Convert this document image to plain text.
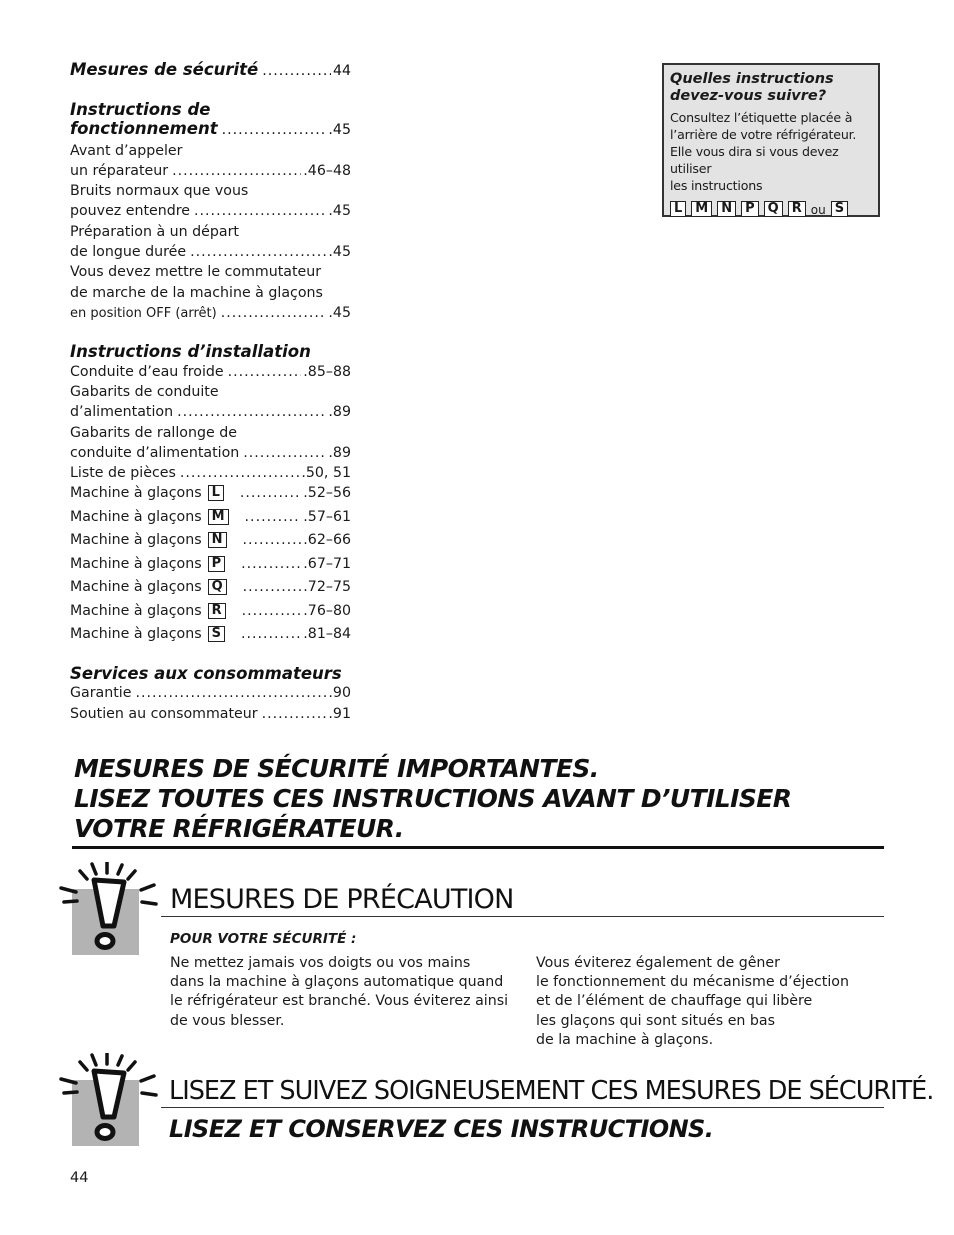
Mesures de sécurité .....	44
Instructions de
fonctionnement .....	.45
Avant d’appeler
un réparateur .....	.46–48
Bruits normaux que vous
pouvez entendre .....	.45
Préparation à un départ
de longue durée .....	.45
Vous devez mettre le commutateur
de marche de la machine à glaçons
en position OFF (arrêt) .....	.45
Instructions d’installation
Conduite d’eau froide .....	.85–88
Gabarits de conduite
d’alimentation .....	.89
Gabarits de rallonge de
conduite d’alimentation .....	.89
Liste de pièces .....	.50, 51
Machine à glaçons L .....	.52–56
Machine à glaçons M .....	.57–61
Machine à glaçons N .....	.62–66
Machine à glaçons P .....	.67–71
Machine à glaçons Q .....	.72–75
Machine à glaçons R .....	.76–80
Machine à glaçons S .....	.81–84
Services aux consommateurs
Garantie .....	.90
Soutien au consommateur .....	.91
Quelles instructions
devez-vous suivre?
Consultez l’étiquette placée à
l’arrière de votre réfrigérateur.
Elle vous dira si vous devez utiliser
les instructions
L	M	N	P	Q	R ou S
MESURES DE SÉCURITÉ IMPORTANTES.
LISEZ TOUTES CES INSTRUCTIONS AVANT D’UTILISER
VOTRE RÉFRIGÉRATEUR.
MESURES DE PRÉCAUTION
POUR VOTRE SÉCURITÉ :
Ne mettez jamais vos doigts ou vos mains
dans la machine à glaçons automatique quand
le réfrigérateur est branché. Vous éviterez ainsi
de vous blesser.
Vous éviterez également de gêner
le fonctionnement du mécanisme d’éjection
et de l’élément de chauffage qui libère
les glaçons qui sont situés en bas
de la machine à glaçons.
LISEZ ET SUIVEZ SOIGNEUSEMENT CES MESURES DE SÉCURITÉ.
LISEZ ET CONSERVEZ CES INSTRUCTIONS.
44
